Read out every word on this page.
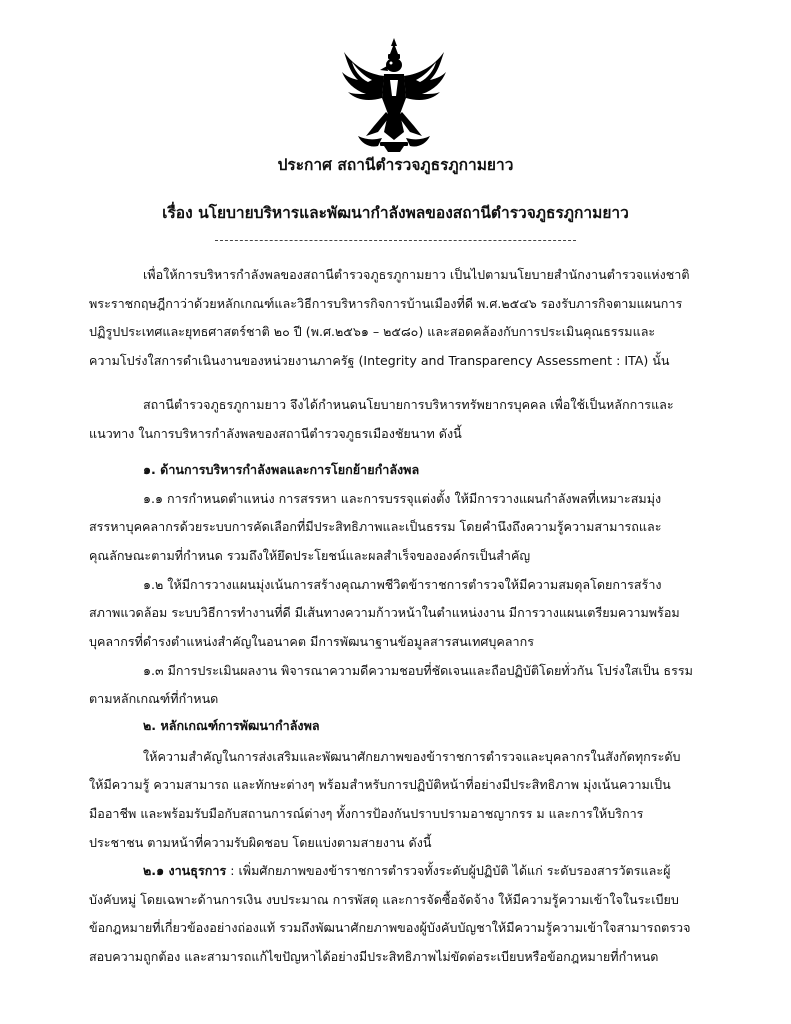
ประกาศ สถานีตำรวจภูธรภูกามยาว
เรื่อง นโยบายบริหารและพัฒนากำลังพลของสถานีตำรวจภูธรภูกามยาว
เพื่อให้การบริหารกำลังพลของสถานีตำรวจภูธรภูกามยาว เป็นไปตามนโยบายสำนักงานตำรวจแห่งชาติ
พระราชกฤษฎีกาว่าด้วยหลักเกณฑ์และวิธีการบริหารกิจการบ้านเมืองที่ดี พ.ศ.๒๕๔๖ รองรับภารกิจตามแผนการ
ปฏิรูปประเทศและยุทธศาสตร์ชาติ ๒๐ ปี (พ.ศ.๒๕๖๑ – ๒๕๘๐) และสอดคล้องกับการประเมินคุณธรรมและ
ความโปร่งใสการดำเนินงานของหน่วยงานภาครัฐ (Integrity and Transparency Assessment : ITA) นั้น
สถานีตำรวจภูธรภูกามยาว จึงได้กำหนดนโยบายการบริหารทรัพยากรบุคคล เพื่อใช้เป็นหลักการและ
แนวทาง ในการบริหารกำลังพลของสถานีตำรวจภูธรเมืองชัยนาท ดังนี้
๑. ด้านการบริหารกำลังพลและการโยกย้ายกำลังพล
๑.๑ การกำหนดตำแหน่ง การสรรหา และการบรรจุแต่งตั้ง ให้มีการวางแผนกำลังพลที่เหมาะสมมุ่ง
สรรหาบุคคลากรด้วยระบบการคัดเลือกที่มีประสิทธิภาพและเป็นธรรม โดยคำนึงถึงความรู้ความสามารถและ
คุณลักษณะตามที่กำหนด รวมถึงให้ยึดประโยชน์และผลสำเร็จขององค์กรเป็นสำคัญ
๑.๒ ให้มีการวางแผนมุ่งเน้นการสร้างคุณภาพชีวิตข้าราชการตำรวจให้มีความสมดุลโดยการสร้าง
สภาพแวดล้อม ระบบวิธีการทำงานที่ดี มีเส้นทางความก้าวหน้าในตำแหน่งงาน มีการวางแผนเตรียมความพร้อม
บุคลากรที่ดำรงตำแหน่งสำคัญในอนาคต มีการพัฒนาฐานข้อมูลสารสนเทศบุคลากร
๑.๓ มีการประเมินผลงาน พิจารณาความดีความชอบที่ชัดเจนและถือปฏิบัติโดยทั่วกัน โปร่งใสเป็น ธรรม
ตามหลักเกณฑ์ที่กำหนด
๒. หลักเกณฑ์การพัฒนากำลังพล
ให้ความสำคัญในการส่งเสริมและพัฒนาศักยภาพของข้าราชการตำรวจและบุคลากรในสังกัดทุกระดับ
ให้มีความรู้ ความสามารถ และทักษะต่างๆ พร้อมสำหรับการปฏิบัติหน้าที่อย่างมีประสิทธิภาพ มุ่งเน้นความเป็น
มืออาชีพ และพร้อมรับมือกับสถานการณ์ต่างๆ ทั้งการป้องกันปราบปรามอาชญากรร ม และการให้บริการ
ประชาชน ตามหน้าที่ความรับผิดชอบ โดยแบ่งตามสายงาน ดังนี้
๒.๑ งานธุรการ : เพิ่มศักยภาพของข้าราชการตำรวจทั้งระดับผู้ปฏิบัติ ได้แก่ ระดับรองสารวัตรและผู้
บังคับหมู่ โดยเฉพาะด้านการเงิน งบประมาณ การพัสดุ และการจัดซื้อจัดจ้าง ให้มีความรู้ความเข้าใจในระเบียบ
ข้อกฎหมายที่เกี่ยวข้องอย่างถ่องแท้ รวมถึงพัฒนาศักยภาพของผู้บังคับบัญชาให้มีความรู้ความเข้าใจสามารถตรวจ
สอบความถูกต้อง และสามารถแก้ไขปัญหาได้อย่างมีประสิทธิภาพไม่ขัดต่อระเบียบหรือข้อกฎหมายที่กำหนด
